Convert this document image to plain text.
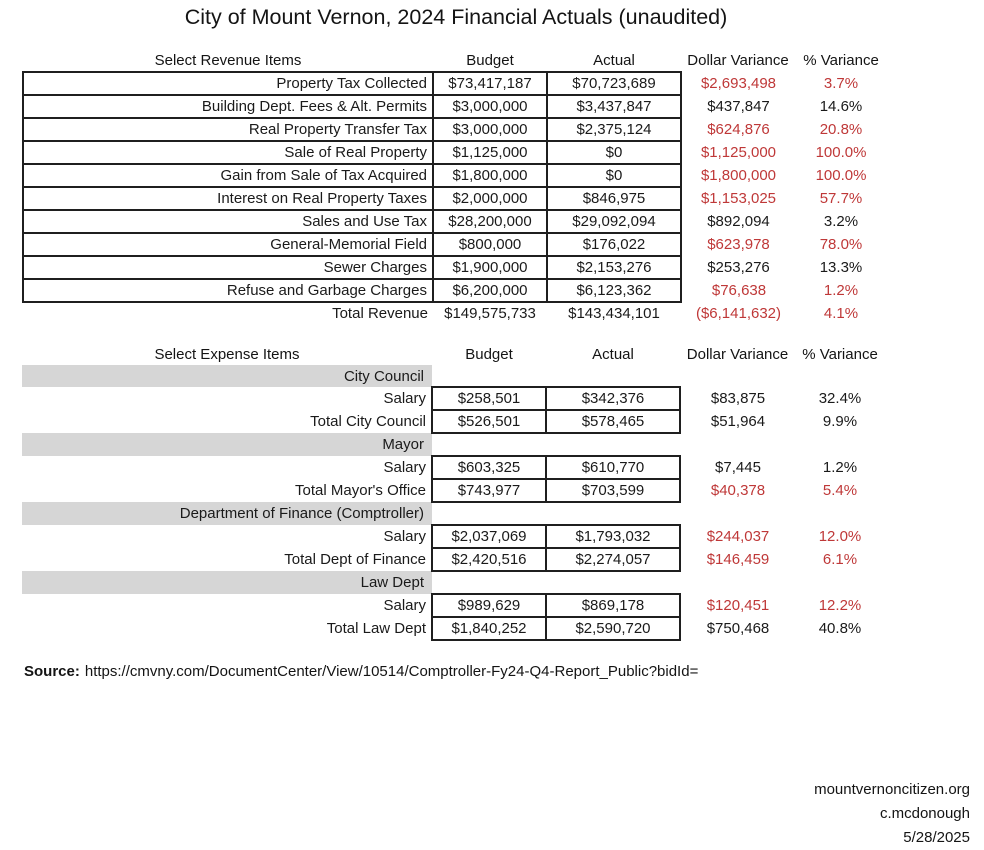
City of Mount Vernon, 2024 Financial Actuals (unaudited)
Select Revenue Items	Budget	Actual	Dollar Variance	% Variance
Property Tax Collected	$73,417,187	$70,723,689	$2,693,498	3.7%
Building Dept. Fees & Alt. Permits	$3,000,000	$3,437,847	$437,847	14.6%
Real Property Transfer Tax	$3,000,000	$2,375,124	$624,876	20.8%
Sale of Real Property	$1,125,000	$0	$1,125,000	100.0%
Gain from Sale of Tax Acquired	$1,800,000	$0	$1,800,000	100.0%
Interest on Real Property Taxes	$2,000,000	$846,975	$1,153,025	57.7%
Sales and Use Tax	$28,200,000	$29,092,094	$892,094	3.2%
General-Memorial Field	$800,000	$176,022	$623,978	78.0%
Sewer Charges	$1,900,000	$2,153,276	$253,276	13.3%
Refuse and Garbage Charges	$6,200,000	$6,123,362	$76,638	1.2%
Total Revenue	$149,575,733	$143,434,101	($6,141,632)	4.1%
Select Expense Items	Budget	Actual	Dollar Variance	% Variance
City Council				
Salary	$258,501	$342,376	$83,875	32.4%
Total City Council	$526,501	$578,465	$51,964	9.9%
Mayor				
Salary	$603,325	$610,770	$7,445	1.2%
Total Mayor's Office	$743,977	$703,599	$40,378	5.4%
Department of Finance (Comptroller)				
Salary	$2,037,069	$1,793,032	$244,037	12.0%
Total Dept of Finance	$2,420,516	$2,274,057	$146,459	6.1%
Law Dept				
Salary	$989,629	$869,178	$120,451	12.2%
Total Law Dept	$1,840,252	$2,590,720	$750,468	40.8%
Source: https://cmvny.com/DocumentCenter/View/10514/Comptroller-Fy24-Q4-Report_Public?bidId=
mountvernoncitizen.org
c.mcdonough
5/28/2025
